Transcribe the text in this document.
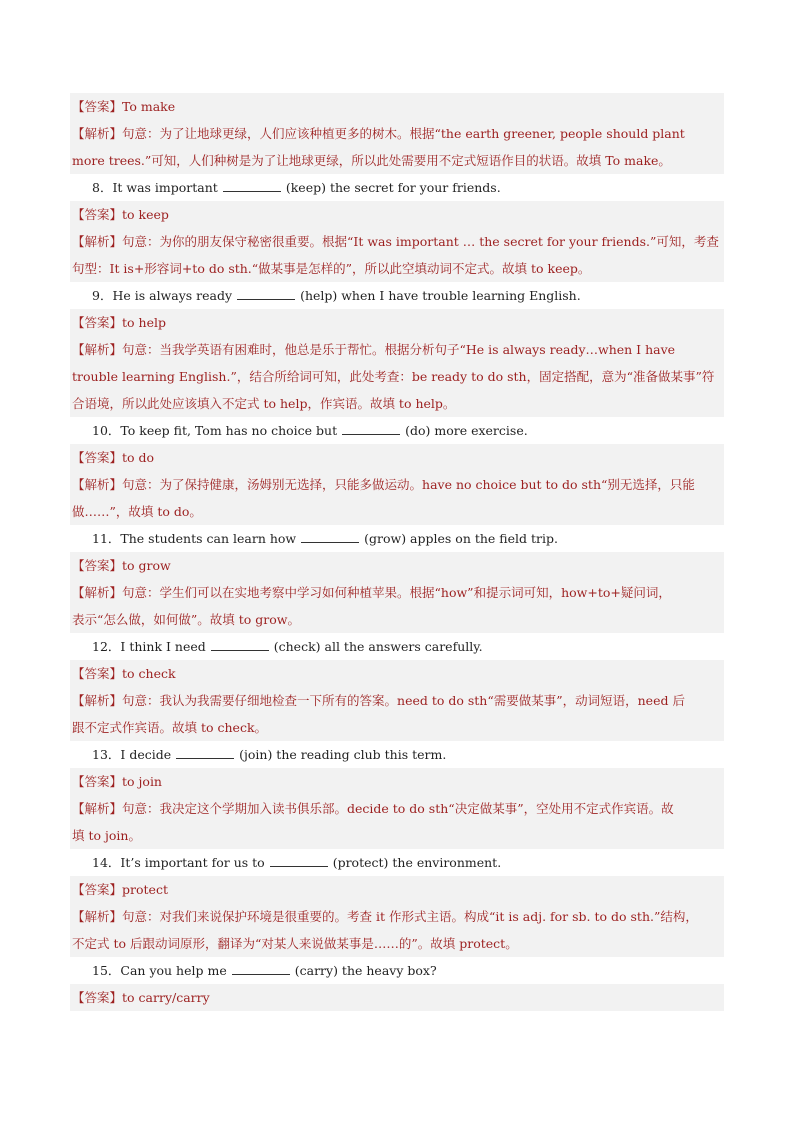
【答案】To make
【解析】句意：为了让地球更绿，人们应该种植更多的树木。根据“the earth greener, people should plant
more trees.”可知，人们种树是为了让地球更绿，所以此处需要用不定式短语作目的状语。故填 To make。
8．It was important	(keep) the secret for your friends.
【答案】to keep
【解析】句意：为你的朋友保守秘密很重要。根据“It was important … the secret for your friends.”可知，考查
句型：It is+形容词+to do sth.“做某事是怎样的”，所以此空填动词不定式。故填 to keep。
9．He is always ready	(help) when I have trouble learning English.
【答案】to help
【解析】句意：当我学英语有困难时，他总是乐于帮忙。根据分析句子“He is always ready…when I have
trouble learning English.”，结合所给词可知，此处考查：be ready to do sth，固定搭配，意为“准备做某事”符
合语境，所以此处应该填入不定式 to help，作宾语。故填 to help。
10．To keep fit, Tom has no choice but	(do) more exercise.
【答案】to do
【解析】句意：为了保持健康，汤姆别无选择，只能多做运动。have no choice but to do sth“别无选择，只能
做……”，故填 to do。
11．The students can learn how	(grow) apples on the field trip.
【答案】to grow
【解析】句意：学生们可以在实地考察中学习如何种植苹果。根据“how”和提示词可知，how+to+疑问词，
表示“怎么做，如何做”。故填 to grow。
12．I think I need	(check) all the answers carefully.
【答案】to check
【解析】句意：我认为我需要仔细地检查一下所有的答案。need to do sth“需要做某事”，动词短语，need 后
跟不定式作宾语。故填 to check。
13．I decide	(join) the reading club this term.
【答案】to join
【解析】句意：我决定这个学期加入读书俱乐部。decide to do sth“决定做某事”，空处用不定式作宾语。故
填 to join。
14．It’s important for us to	(protect) the environment.
【答案】protect
【解析】句意：对我们来说保护环境是很重要的。考查 it 作形式主语。构成“it is adj. for sb. to do sth.”结构，
不定式 to 后跟动词原形，翻译为“对某人来说做某事是……的”。故填 protect。
15．Can you help me	(carry) the heavy box?
【答案】to carry/carry
